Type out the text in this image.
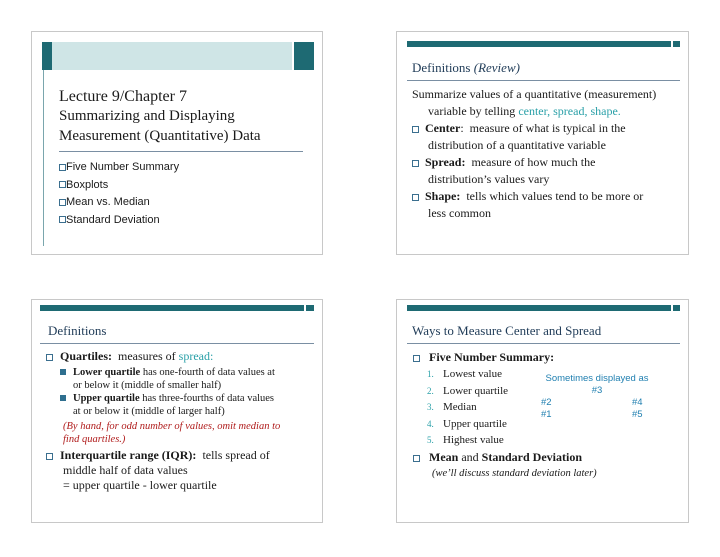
Lecture 9/Chapter 7
Summarizing and Displaying
Measurement (Quantitative) Data
Five Number Summary
Boxplots
Mean vs. Median
Standard Deviation
Definitions (Review)
Summarize values of a quantitative (measurement)
variable by telling center, spread, shape.
Center: measure of what is typical in the
distribution of a quantitative variable
Spread: measure of how much the
distribution’s values vary
Shape: tells which values tend to be more or
less common
Definitions
Quartiles: measures of spread:
Lower quartile has one-fourth of data values at
or below it (middle of smaller half)
Upper quartile has three-fourths of data values
at or below it (middle of larger half)
(By hand, for odd number of values, omit median to
find quartiles.)
Interquartile range (IQR): tells spread of
middle half of data values
= upper quartile - lower quartile
Ways to Measure Center and Spread
Five Number Summary:
1. Lowest value
2. Lower quartile
3. Median
4. Upper quartile
5. Highest value
Sometimes displayed as
#3
#2	#4
#1	#5
Mean and Standard Deviation
(we’ll discuss standard deviation later)
